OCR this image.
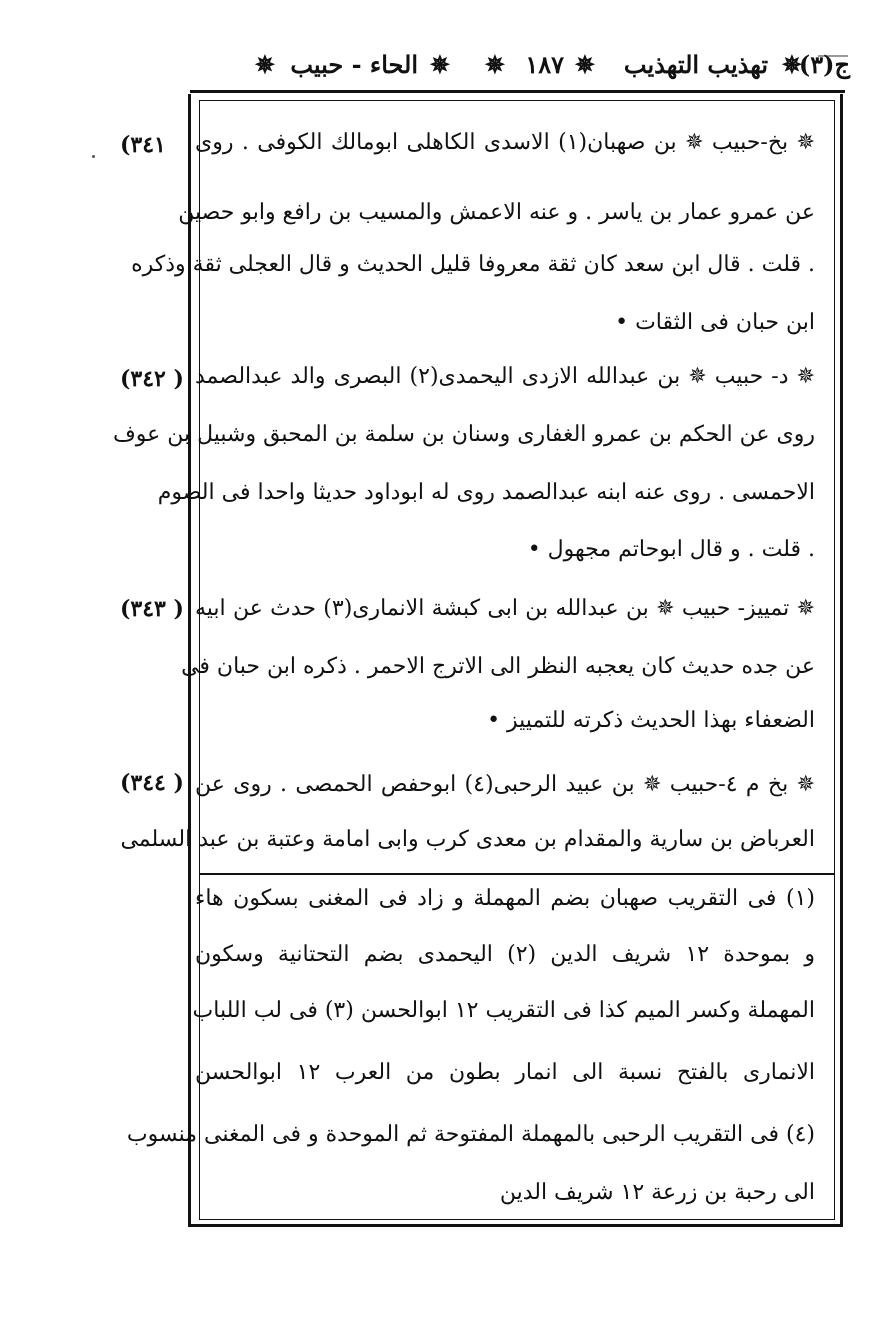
ج(٣)
✵
تهذيب التهذيب
✵
١٨٧
✵
✵
الحاء - حبيب
✵
٣٤١)
( ٣٤٢)
( ٣٤٣)
( ٣٤٤)
✵ بخ-حبيب ✵ بن صهبان(١) الاسدى الكاهلى ابومالك الكوفى . روى
عن عمرو عمار بن ياسر . و عنه الاعمش والمسيب بن رافع وابو حصين
. قلت . قال ابن سعد كان ثقة معروفا قليل الحديث و قال العجلى ثقة وذكره
ابن حبان فى الثقات •
✵ د- حبيب ✵ بن عبدالله الازدى اليحمدى(٢) البصرى والد عبدالصمد
روى عن الحكم بن عمرو الغفارى وسنان بن سلمة بن المحبق وشبيل بن عوف
الاحمسى . روى عنه ابنه عبدالصمد روى له ابوداود حديثا واحدا فى الصوم
. قلت . و قال ابوحاتم مجهول •
✵ تمييز- حبيب ✵ بن عبدالله بن ابى كبشة الانمارى(٣) حدث عن ابيه
عن جده حديث كان يعجبه النظر الى الاترج الاحمر . ذكره ابن حبان فى
الضعفاء بهذا الحديث ذكرته للتمييز •
✵ بخ م ٤-حبيب ✵ بن عبيد الرحبى(٤) ابوحفص الحمصى . روى عن
العرباض بن سارية والمقدام بن معدى كرب وابى امامة وعتبة بن عبد السلمى
(١) فى التقريب صهبان بضم المهملة و زاد فى المغنى بسكون هاء
و بموحدة ١٢ شريف الدين (٢) اليحمدى بضم التحتانية وسكون
المهملة وكسر الميم كذا فى التقريب ١٢ ابوالحسن (٣) فى لب اللباب
الانمارى بالفتح نسبة الى انمار بطون من العرب ١٢ ابوالحسن
(٤) فى التقريب الرحبى بالمهملة المفتوحة ثم الموحدة و فى المغنى منسوب
الى رحبة بن زرعة ١٢ شريف الدين
